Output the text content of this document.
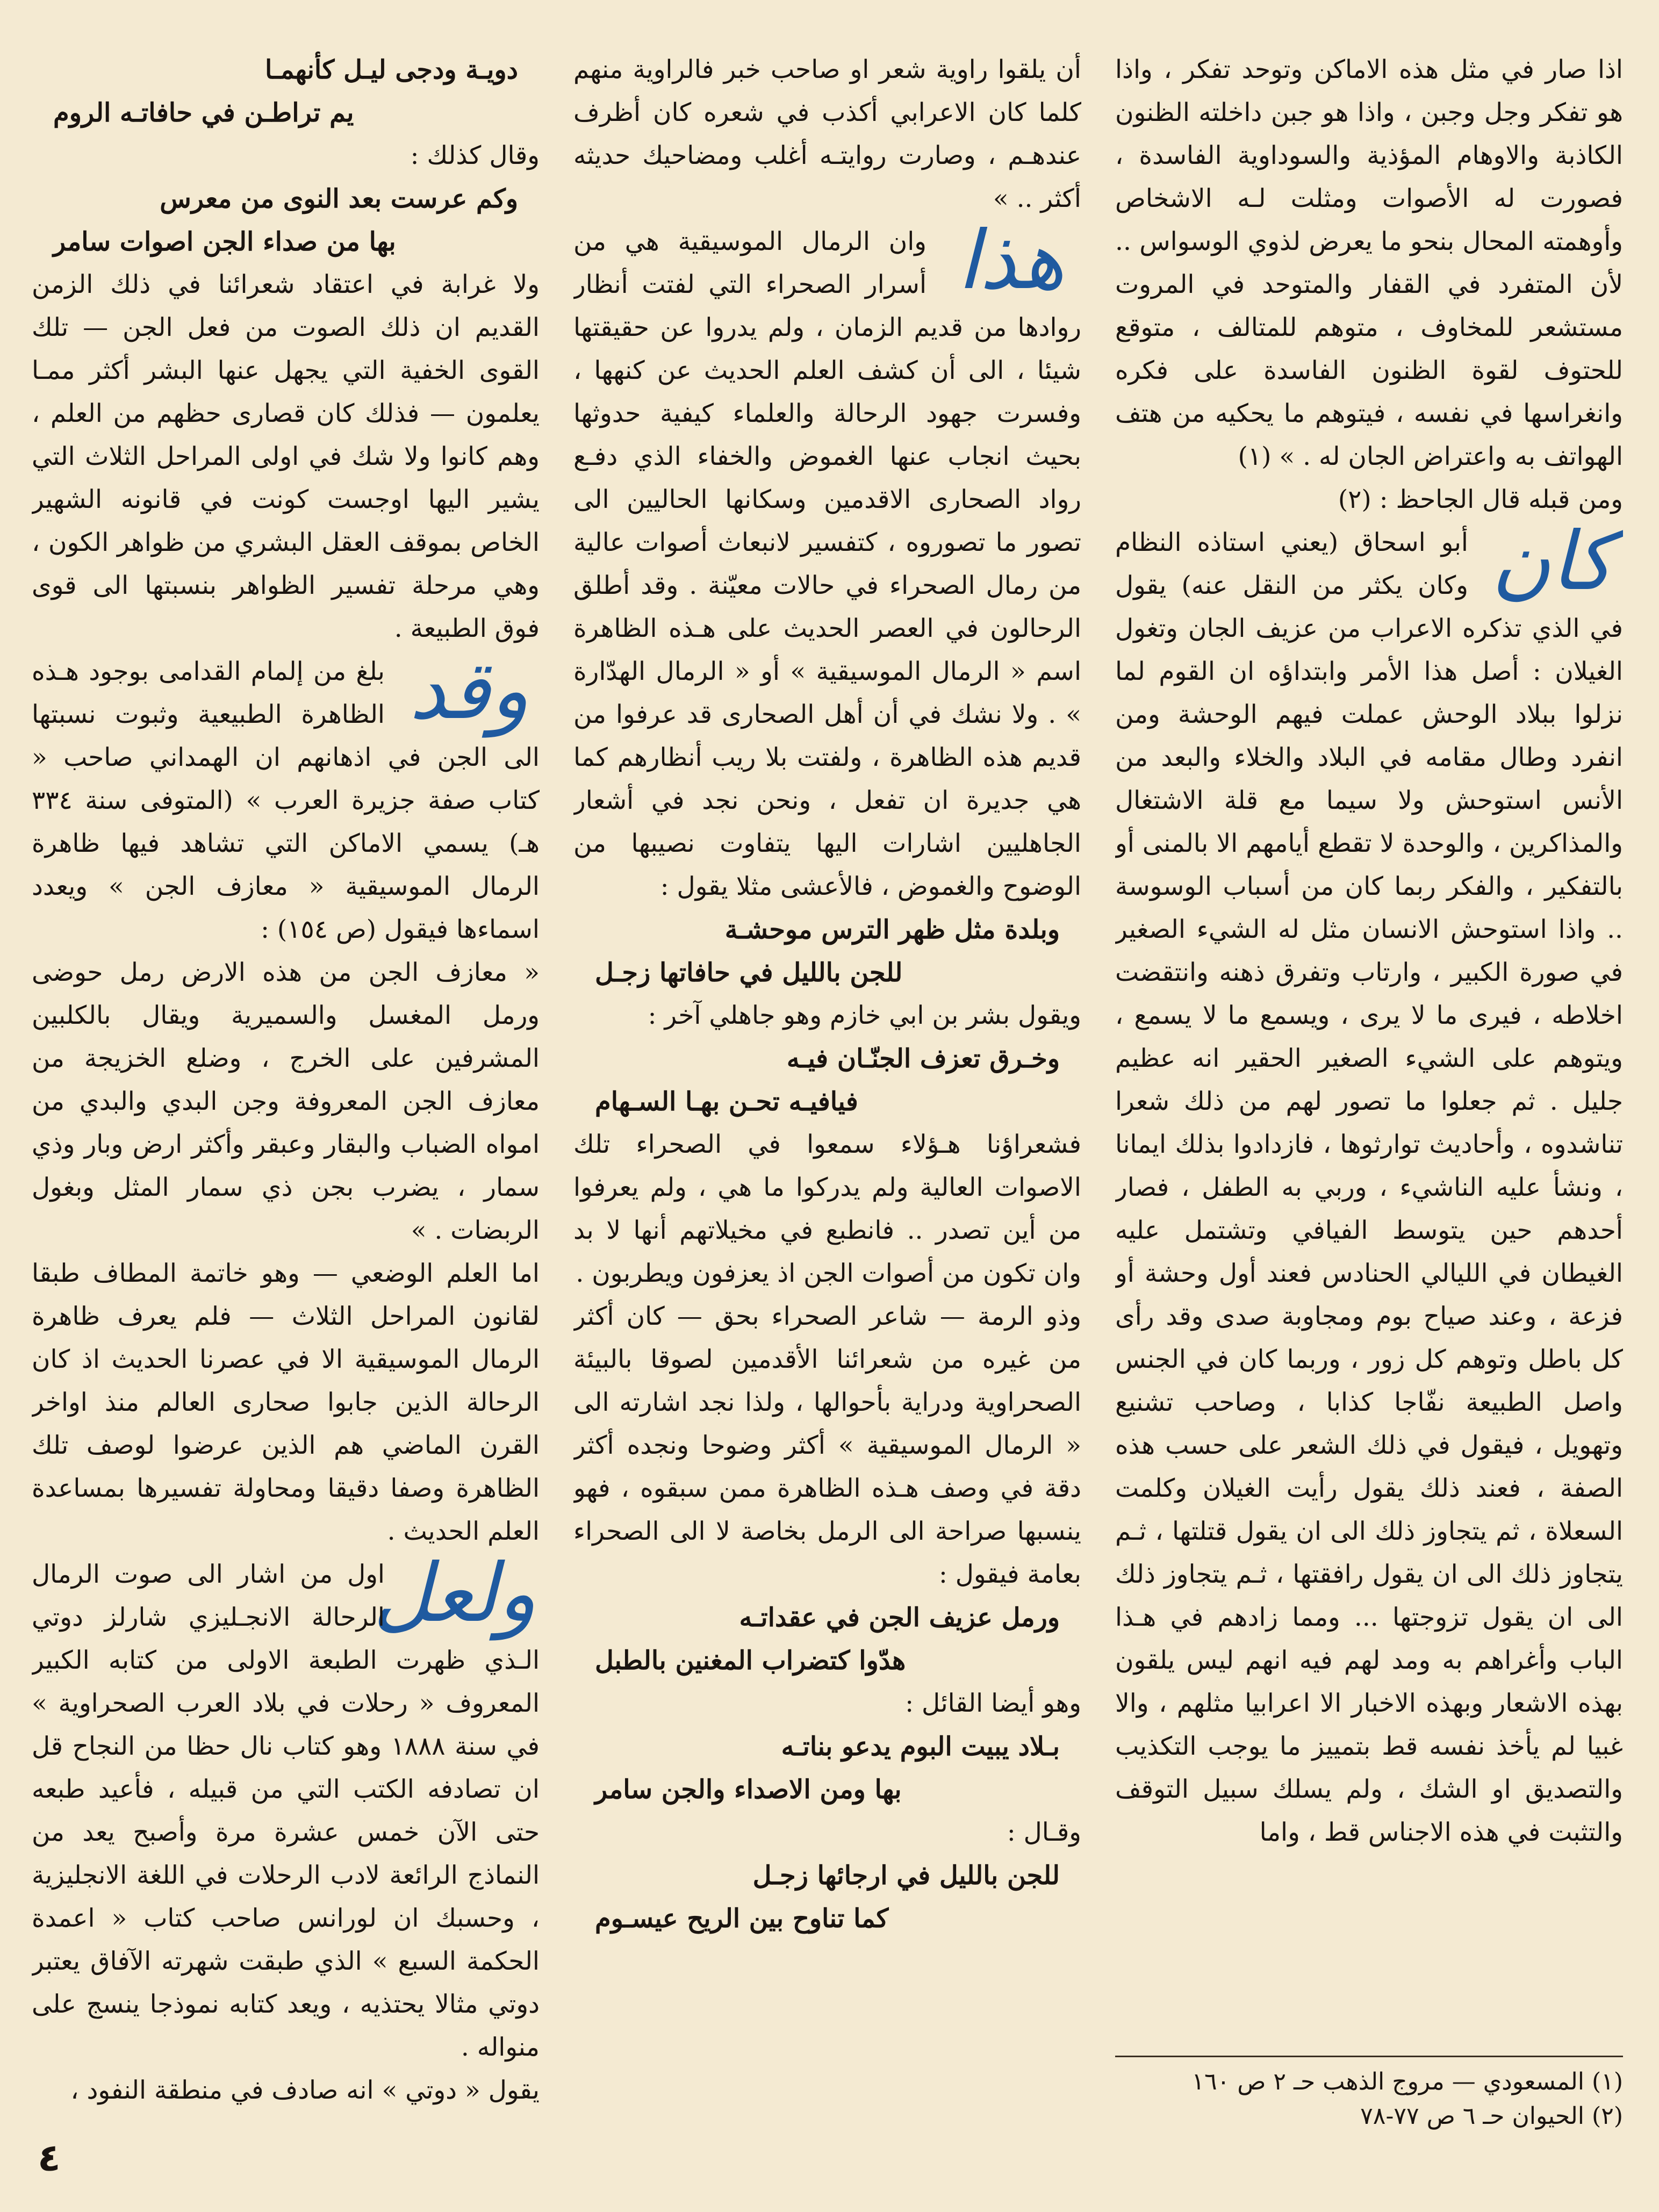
اذا صار في مثل هذه الاماكن وتوحد تفكر ، واذا هو تفكر وجل وجبن ، واذا هو جبن داخلته الظنون الكاذبة والاوهام المؤذية والسوداوية الفاسدة ، فصورت له الأصوات ومثلت لـه الاشخاص وأوهمته المحال بنحو ما يعرض لذوي الوسواس .. لأن المتفرد في القفار والمتوحد في المروت مستشعر للمخاوف ، متوهم للمتالف ، متوقع للحتوف لقوة الظنون الفاسدة على فكره وانغراسها في نفسه ، فيتوهم ما يحكيه من هتف الهواتف به واعتراض الجان له . » (١)

ومن قبله قال الجاحظ : (٢)

كان

أبو اسحاق (يعني استاذه النظام وكان يكثر من النقل عنه) يقول في الذي تذكره الاعراب من عزيف الجان وتغول الغيلان : أصل هذا الأمر وابتداؤه ان القوم لما نزلوا ببلاد الوحش عملت فيهم الوحشة ومن انفرد وطال مقامه في البلاد والخلاء والبعد من الأنس استوحش ولا سيما مع قلة الاشتغال والمذاكرين ، والوحدة لا تقطع أيامهم الا بالمنى أو بالتفكير ، والفكر ربما كان من أسباب الوسوسة .. واذا استوحش الانسان مثل له الشيء الصغير في صورة الكبير ، وارتاب وتفرق ذهنه وانتقضت اخلاطه ، فيرى ما لا يرى ، ويسمع ما لا يسمع ، ويتوهم على الشيء الصغير الحقير انه عظيم جليل . ثم جعلوا ما تصور لهم من ذلك شعرا تناشدوه ، وأحاديث توارثوها ، فازدادوا بذلك ايمانا ، ونشأ عليه الناشيء ، وربي به الطفل ، فصار أحدهم حين يتوسط الفيافي وتشتمل عليه الغيطان في الليالي الحنادس فعند أول وحشة أو فزعة ، وعند صياح بوم ومجاوبة صدى وقد رأى كل باطل وتوهم كل زور ، وربما كان في الجنس واصل الطبيعة نفّاجا كذابا ، وصاحب تشنيع وتهويل ، فيقول في ذلك الشعر على حسب هذه الصفة ، فعند ذلك يقول رأيت الغيلان وكلمت السعلاة ، ثم يتجاوز ذلك الى ان يقول قتلتها ، ثـم يتجاوز ذلك الى ان يقول رافقتها ، ثـم يتجاوز ذلك الى ان يقول تزوجتها ... ومما زادهم في هـذا الباب وأغراهم به ومد لهم فيه انهم ليس يلقون بهذه الاشعار وبهذه الاخبار الا اعرابيا مثلهم ، والا غبيا لم يأخذ نفسه قط بتمييز ما يوجب التكذيب والتصديق او الشك ، ولم يسلك سبيل التوقف والتثبت في هذه الاجناس قط ، واما

أن يلقوا راوية شعر او صاحب خبر فالراوية منهم كلما كان الاعرابي أكذب في شعره كان أظرف عندهـم ، وصارت روايتـه أغلب ومضاحيك حديثه أكثر .. »

هذا

وان الرمال الموسيقية هي من أسرار الصحراء التي لفتت أنظار روادها من قديم الزمان ، ولم يدروا عن حقيقتها شيئا ، الى أن كشف العلم الحديث عن كنهها ، وفسرت جهود الرحالة والعلماء كيفية حدوثها بحيث انجاب عنها الغموض والخفاء الذي دفـع رواد الصحارى الاقدمين وسكانها الحاليين الى تصور ما تصوروه ، كتفسير لانبعاث أصوات عالية من رمال الصحراء في حالات معيّنة . وقد أطلق الرحالون في العصر الحديث على هـذه الظاهرة اسم « الرمال الموسيقية » أو « الرمال الهدّارة » . ولا نشك في أن أهل الصحارى قد عرفوا من قديم هذه الظاهرة ، ولفتت بلا ريب أنظارهم كما هي جديرة ان تفعل ، ونحن نجد في أشعار الجاهليين اشارات اليها يتفاوت نصيبها من الوضوح والغموض ، فالأعشى مثلا يقول :

وبلدة مثل ظهر الترس موحشـة

للجن بالليل في حافاتها زجـل

ويقول بشر بن ابي خازم وهو جاهلي آخر :

وخـرق تعزف الجنّـان فيـه

فيافيـه تحـن بهـا السـهام

فشعراؤنا هـؤلاء سمعوا في الصحراء تلك الاصوات العالية ولم يدركوا ما هي ، ولم يعرفوا من أين تصدر .. فانطبع في مخيلاتهم أنها لا بد وان تكون من أصوات الجن اذ يعزفون ويطربون .

وذو الرمة — شاعر الصحراء بحق — كان أكثر من غيره من شعرائنا الأقدمين لصوقا بالبيئة الصحراوية ودراية بأحوالها ، ولذا نجد اشارته الى « الرمال الموسيقية » أكثر وضوحا ونجده أكثر دقة في وصف هـذه الظاهرة ممن سبقوه ، فهو ينسبها صراحة الى الرمل بخاصة لا الى الصحراء بعامة فيقول :

ورمل عزيف الجن في عقداتـه

هدّوا كتضراب المغنين بالطبل

وهو أيضا القائل :

بـلاد يبيت البوم يدعو بناتـه

بها ومن الاصداء والجن سامر

وقـال :

للجن بالليل في ارجائها زجـل

كما تناوح بين الريح عيسـوم

دويـة ودجى ليـل كأنهمـا

يم تراطـن في حافاتـه الروم

وقال كذلك :

وكم عرست بعد النوى من معرس

بها من صداء الجن اصوات سامر

ولا غرابة في اعتقاد شعرائنا في ذلك الزمن القديم ان ذلك الصوت من فعل الجن — تلك القوى الخفية التي يجهل عنها البشر أكثر ممـا يعلمون — فذلك كان قصارى حظهم من العلم ، وهم كانوا ولا شك في اولى المراحل الثلاث التي يشير اليها اوجست كونت في قانونه الشهير الخاص بموقف العقل البشري من ظواهر الكون ، وهي مرحلة تفسير الظواهر بنسبتها الى قوى فوق الطبيعة .

وقد

بلغ من إلمام القدامى بوجود هـذه الظاهرة الطبيعية وثبوت نسبتها الى الجن في اذهانهم ان الهمداني صاحب « كتاب صفة جزيرة العرب » (المتوفى سنة ٣٣٤ هـ) يسمي الاماكن التي تشاهد فيها ظاهرة الرمال الموسيقية « معازف الجن » ويعدد اسماءها فيقول (ص ١٥٤) :

« معازف الجن من هذه الارض رمل حوضى ورمل المغسل والسميرية ويقال بالكلبين المشرفين على الخرج ، وضلع الخزيجة من معازف الجن المعروفة وجن البدي والبدي من امواه الضباب والبقار وعبقر وأكثر ارض وبار وذي سمار ، يضرب بجن ذي سمار المثل وبغول الربضات . »

اما العلم الوضعي — وهو خاتمة المطاف طبقا لقانون المراحل الثلاث — فلم يعرف ظاهرة الرمال الموسيقية الا في عصرنا الحديث اذ كان الرحالة الذين جابوا صحارى العالم منذ اواخر القرن الماضي هم الذين عرضوا لوصف تلك الظاهرة وصفا دقيقا ومحاولة تفسيرها بمساعدة العلم الحديث .

ولعل

اول من اشار الى صوت الرمال الرحالة الانجـليزي شارلز دوتي الـذي ظهرت الطبعة الاولى من كتابه الكبير المعروف « رحلات في بلاد العرب الصحراوية » في سنة ١٨٨٨ وهو كتاب نال حظا من النجاح قل ان تصادفه الكتب التي من قبيله ، فأعيد طبعه حتى الآن خمس عشرة مرة وأصبح يعد من النماذج الرائعة لادب الرحلات في اللغة الانجليزية ، وحسبك ان لورانس صاحب كتاب « اعمدة الحكمة السبع » الذي طبقت شهرته الآفاق يعتبر دوتي مثالا يحتذيه ، ويعد كتابه نموذجا ينسج على منواله .

يقول « دوتي » انه صادف في منطقة النفود ،	(١) المسعودي — مروج الذهب حـ ٢ ص ١٦٠
(٢) الحيوان حـ ٦ ص ٧٧-٧٨
٤
